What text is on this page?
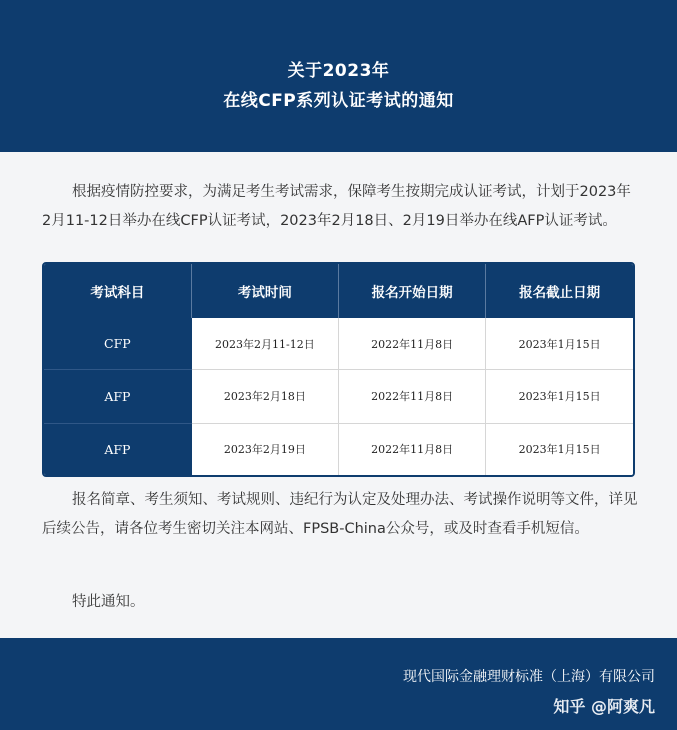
关于2023年
在线CFP系列认证考试的通知
根据疫情防控要求，为满足考生考试需求，保障考生按期完成认证考试，计划于2023年2月11-12日举办在线CFP认证考试，2023年2月18日、2月19日举办在线AFP认证考试。
考试科目	考试时间	报名开始日期	报名截止日期
CFP	2023年2月11-12日	2022年11月8日	2023年1月15日
AFP	2023年2月18日	2022年11月8日	2023年1月15日
AFP	2023年2月19日	2022年11月8日	2023年1月15日
报名简章、考生须知、考试规则、违纪行为认定及处理办法、考试操作说明等文件，详见后续公告，请各位考生密切关注本网站、FPSB-China公众号，或及时查看手机短信。
特此通知。
现代国际金融理财标准（上海）有限公司
知乎 @阿爽凡
